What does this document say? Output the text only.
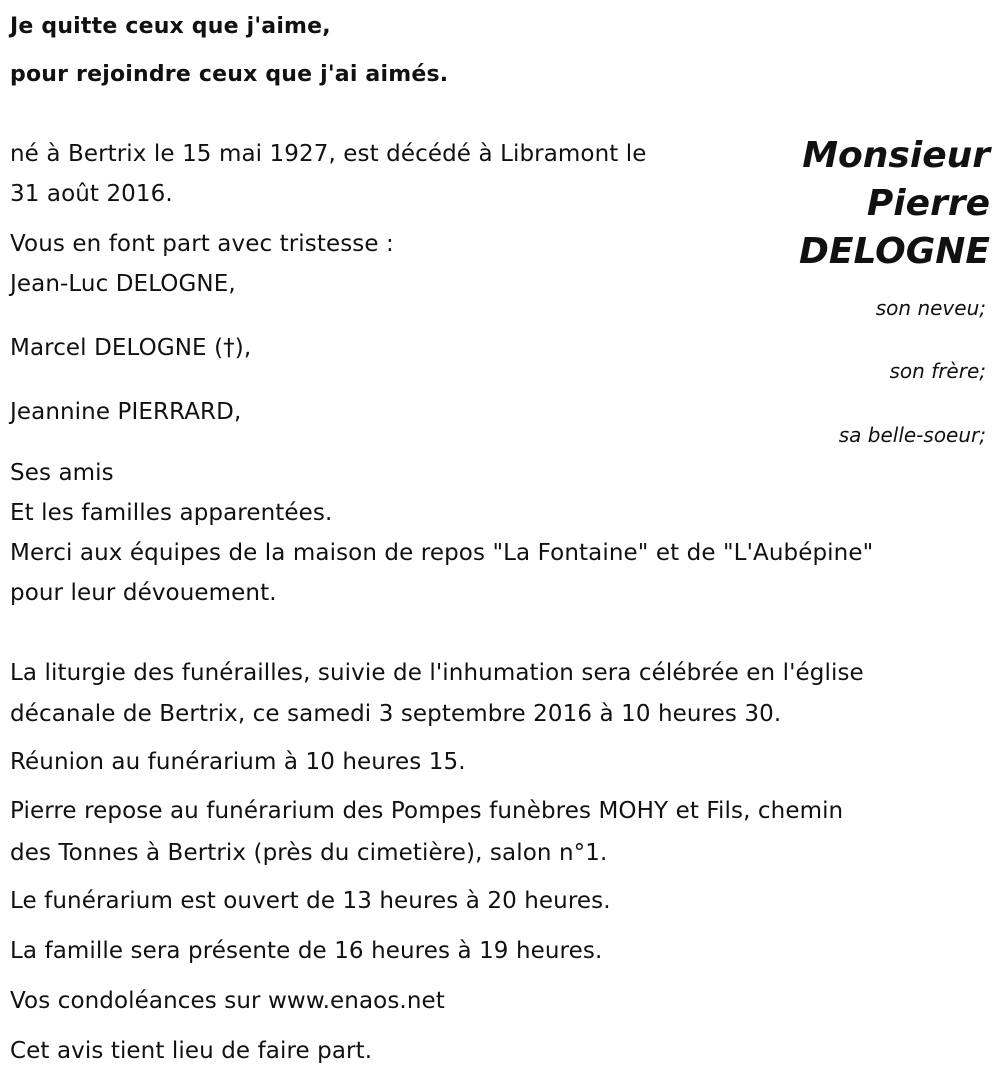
Je quitte ceux que j'aime,

pour rejoindre ceux que j'ai aimés.

Monsieur
Pierre
DELOGNE

né à Bertrix le 15 mai 1927, est décédé à Libramont le

31 août 2016.

Vous en font part avec tristesse :

Jean-Luc DELOGNE,

son neveu;

Marcel DELOGNE (†),

son frère;

Jeannine PIERRARD,

sa belle-soeur;

Ses amis

Et les familles apparentées.

Merci aux équipes de la maison de repos "La Fontaine" et de "L'Aubépine"

pour leur dévouement.

La liturgie des funérailles, suivie de l'inhumation sera célébrée en l'église

décanale de Bertrix, ce samedi 3 septembre 2016 à 10 heures 30.

Réunion au funérarium à 10 heures 15.

Pierre repose au funérarium des Pompes funèbres MOHY et Fils, chemin

des Tonnes à Bertrix (près du cimetière), salon n°1.

Le funérarium est ouvert de 13 heures à 20 heures.

La famille sera présente de 16 heures à 19 heures.

Vos condoléances sur www.enaos.net

Cet avis tient lieu de faire part.
